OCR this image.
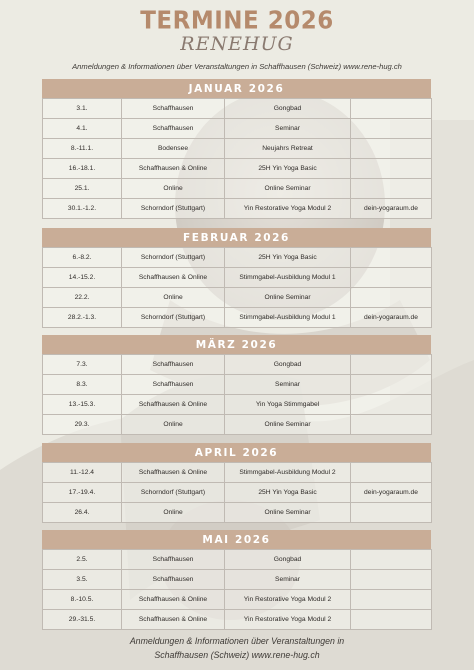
TERMINE 2026
RENEHUG
Anmeldungen & Informationen über Veranstaltungen in Schaffhausen (Schweiz) www.rene-hug.ch
JANUAR 2026
3.1.	Schaffhausen	Gongbad	
4.1.	Schaffhausen	Seminar	
8.-11.1.	Bodensee	Neujahrs Retreat	
16.-18.1.	Schaffhausen & Online	25H Yin Yoga Basic	
25.1.	Online	Online Seminar	
30.1.-1.2.	Schorndorf (Stuttgart)	Yin Restorative Yoga Modul 2	dein-yogaraum.de
FEBRUAR 2026
6.-8.2.	Schorndorf (Stuttgart)	25H Yin Yoga Basic	
14.-15.2.	Schaffhausen & Online	Stimmgabel-Ausbildung Modul 1	
22.2.	Online	Online Seminar	
28.2.-1.3.	Schorndorf (Stuttgart)	Stimmgabel-Ausbildung Modul 1	dein-yogaraum.de
MÄRZ 2026
7.3.	Schaffhausen	Gongbad	
8.3.	Schaffhausen	Seminar	
13.-15.3.	Schaffhausen & Online	Yin Yoga Stimmgabel	
29.3.	Online	Online Seminar	
APRIL 2026
11.-12.4	Schaffhausen & Online	Stimmgabel-Ausbildung Modul 2	
17.-19.4.	Schorndorf (Stuttgart)	25H Yin Yoga Basic	dein-yogaraum.de
26.4.	Online	Online Seminar	
MAI 2026
2.5.	Schaffhausen	Gongbad	
3.5.	Schaffhausen	Seminar	
8.-10.5.	Schaffhausen & Online	Yin Restorative Yoga Modul 2	
29.-31.5.	Schaffhausen & Online	Yin Restorative Yoga Modul 2	
Anmeldungen & Informationen über Veranstaltungen in
Schaffhausen (Schweiz) www.rene-hug.ch
